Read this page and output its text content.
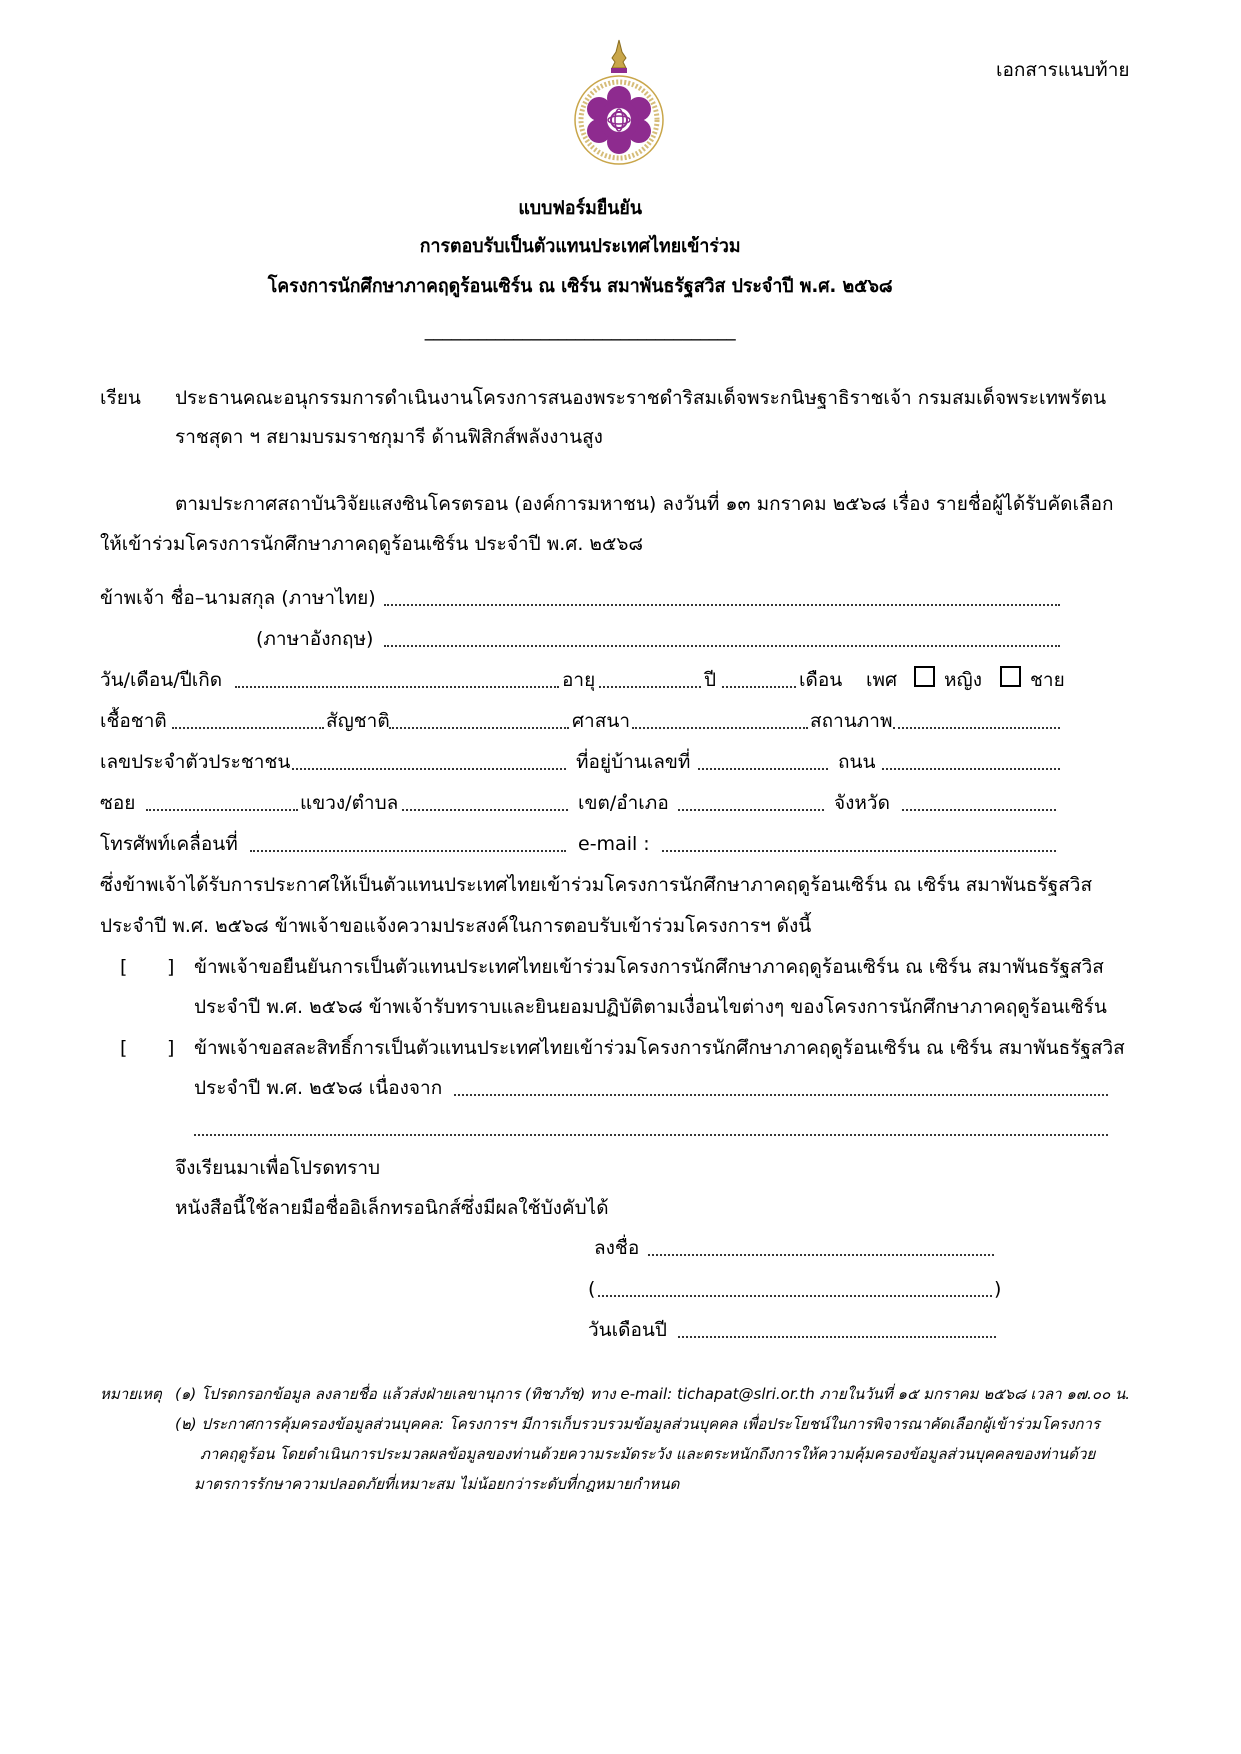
เอกสารแนบท้าย
แบบฟอร์มยืนยัน
การตอบรับเป็นตัวแทนประเทศไทยเข้าร่วม
โครงการนักศึกษาภาคฤดูร้อนเซิร์น ณ เซิร์น สมาพันธรัฐสวิส ประจำปี พ.ศ. ๒๕๖๘
___________________________________
เรียน ประธานคณะอนุกรรมการดำเนินงานโครงการสนองพระราชดำริสมเด็จพระกนิษฐาธิราชเจ้า กรมสมเด็จพระเทพรัตน
ราชสุดา ฯ สยามบรมราชกุมารี ด้านฟิสิกส์พลังงานสูง
ตามประกาศสถาบันวิจัยแสงซินโครตรอน (องค์การมหาชน) ลงวันที่ ๑๓ มกราคม ๒๕๖๘ เรื่อง รายชื่อผู้ได้รับคัดเลือก
ให้เข้าร่วมโครงการนักศึกษาภาคฤดูร้อนเซิร์น ประจำปี พ.ศ. ๒๕๖๘
ข้าพเจ้า ชื่อ–นามสกุล (ภาษาไทย)
(ภาษาอังกฤษ)
วัน/เดือน/ปีเกิด	อายุ	ปี	เดือน เพศ หญิง	ชาย
เชื้อชาติ	สัญชาติ	ศาสนา	สถานภาพ
เลขประจำตัวประชาชน	ที่อยู่บ้านเลขที่	ถนน
ซอย	แขวง/ตำบล	เขต/อำเภอ	จังหวัด
โทรศัพท์เคลื่อนที่	e-mail :
ซึ่งข้าพเจ้าได้รับการประกาศให้เป็นตัวแทนประเทศไทยเข้าร่วมโครงการนักศึกษาภาคฤดูร้อนเซิร์น ณ เซิร์น สมาพันธรัฐสวิส
ประจำปี พ.ศ. ๒๕๖๘ ข้าพเจ้าขอแจ้งความประสงค์ในการตอบรับเข้าร่วมโครงการฯ ดังนี้
[ ] ข้าพเจ้าขอยืนยันการเป็นตัวแทนประเทศไทยเข้าร่วมโครงการนักศึกษาภาคฤดูร้อนเซิร์น ณ เซิร์น สมาพันธรัฐสวิส
ประจำปี พ.ศ. ๒๕๖๘ ข้าพเจ้ารับทราบและยินยอมปฏิบัติตามเงื่อนไขต่างๆ ของโครงการนักศึกษาภาคฤดูร้อนเซิร์น
[ ] ข้าพเจ้าขอสละสิทธิ์การเป็นตัวแทนประเทศไทยเข้าร่วมโครงการนักศึกษาภาคฤดูร้อนเซิร์น ณ เซิร์น สมาพันธรัฐสวิส
ประจำปี พ.ศ. ๒๕๖๘ เนื่องจาก
จึงเรียนมาเพื่อโปรดทราบ
หนังสือนี้ใช้ลายมือชื่ออิเล็กทรอนิกส์ซึ่งมีผลใช้บังคับได้
ลงชื่อ
(	)
วันเดือนปี
หมายเหตุ (๑) โปรดกรอกข้อมูล ลงลายชื่อ แล้วส่งฝ่ายเลขานุการ (ทิชาภัช) ทาง e-mail: tichapat@slri.or.th ภายในวันที่ ๑๕ มกราคม ๒๕๖๘ เวลา ๑๗.๐๐ น.
(๒) ประกาศการคุ้มครองข้อมูลส่วนบุคคล: โครงการฯ มีการเก็บรวบรวมข้อมูลส่วนบุคคล เพื่อประโยชน์ในการพิจารณาคัดเลือกผู้เข้าร่วมโครงการ
ภาคฤดูร้อน โดยดำเนินการประมวลผลข้อมูลของท่านด้วยความระมัดระวัง และตระหนักถึงการให้ความคุ้มครองข้อมูลส่วนบุคคลของท่านด้วย
มาตรการรักษาความปลอดภัยที่เหมาะสม ไม่น้อยกว่าระดับที่กฎหมายกำหนด
